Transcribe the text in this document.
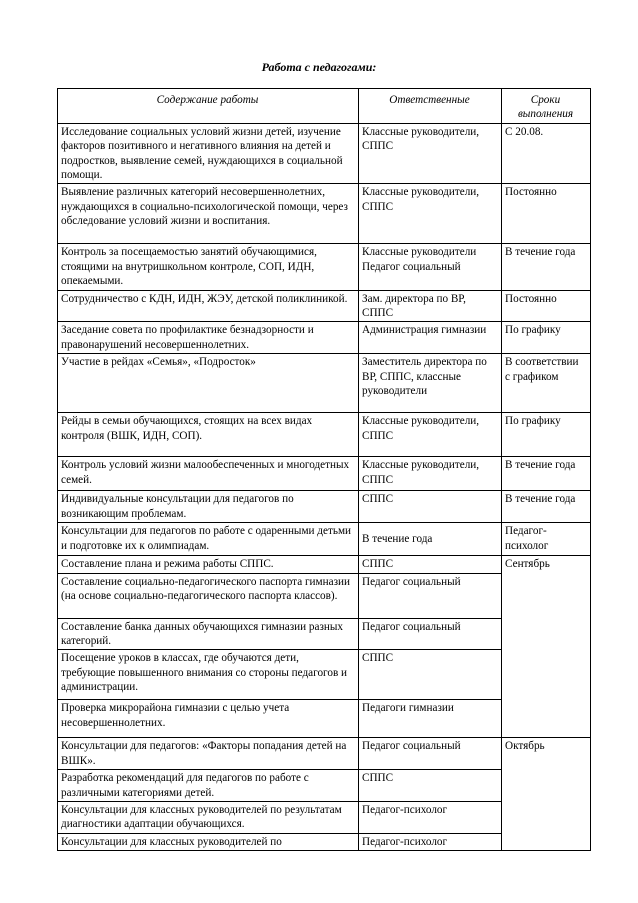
Работа с педагогами:
Содержание работы	Ответственные	Сроки выполнения
Исследование социальных условий жизни детей, изучение факторов позитивного и негативного влияния на детей и подростков, выявление семей, нуждающихся в социальной помощи.	Классные руководители, СППС	С 20.08.
Выявление различных категорий несовершеннолетних, нуждающихся в социально-психологической помощи, через обследование условий жизни и воспитания.	Классные руководители, СППС	Постоянно
Контроль за посещаемостью занятий обучающимися, стоящими на внутришкольном контроле, СОП, ИДН, опекаемыми.	Классные руководители Педагог социальный	В течение года
Сотрудничество с КДН, ИДН, ЖЭУ, детской поликлиникой.	Зам. директора по ВР, СППС	Постоянно
Заседание совета по профилактике безнадзорности и правонарушений несовершеннолетних.	Администрация гимназии	По графику
Участие в рейдах «Семья», «Подросток»	Заместитель директора по ВР, СППС, классные руководители	В соответствии с графиком
Рейды в семьи обучающихся, стоящих на всех видах контроля (ВШК, ИДН, СОП).	Классные руководители, СППС	По графику
Контроль условий жизни малообеспеченных и многодетных семей.	Классные руководители, СППС	В течение года
Индивидуальные консультации для педагогов по возникающим проблемам.	СППС	В течение года
Консультации для педагогов по работе с одаренными детьми и подготовке их к олимпиадам.	В течение года	Педагог-психолог
Составление плана и режима работы СППС.	СППС	Сентябрь
Составление социально-педагогического паспорта гимназии (на основе социально-педагогического паспорта классов).	Педагог социальный	
Составление банка данных обучающихся гимназии разных категорий.	Педагог социальный	
Посещение уроков в классах, где обучаются дети, требующие повышенного внимания со стороны педагогов и администрации.	СППС	
Проверка микрорайона гимназии с целью учета несовершеннолетних.	Педагоги гимназии	
Консультации для педагогов: «Факторы попадания детей на ВШК».	Педагог социальный	Октябрь
Разработка рекомендаций для педагогов по работе с различными категориями детей.	СППС	
Консультации для классных руководителей по результатам диагностики адаптации обучающихся.	Педагог-психолог	
Консультации для классных руководителей по	Педагог-психолог	
